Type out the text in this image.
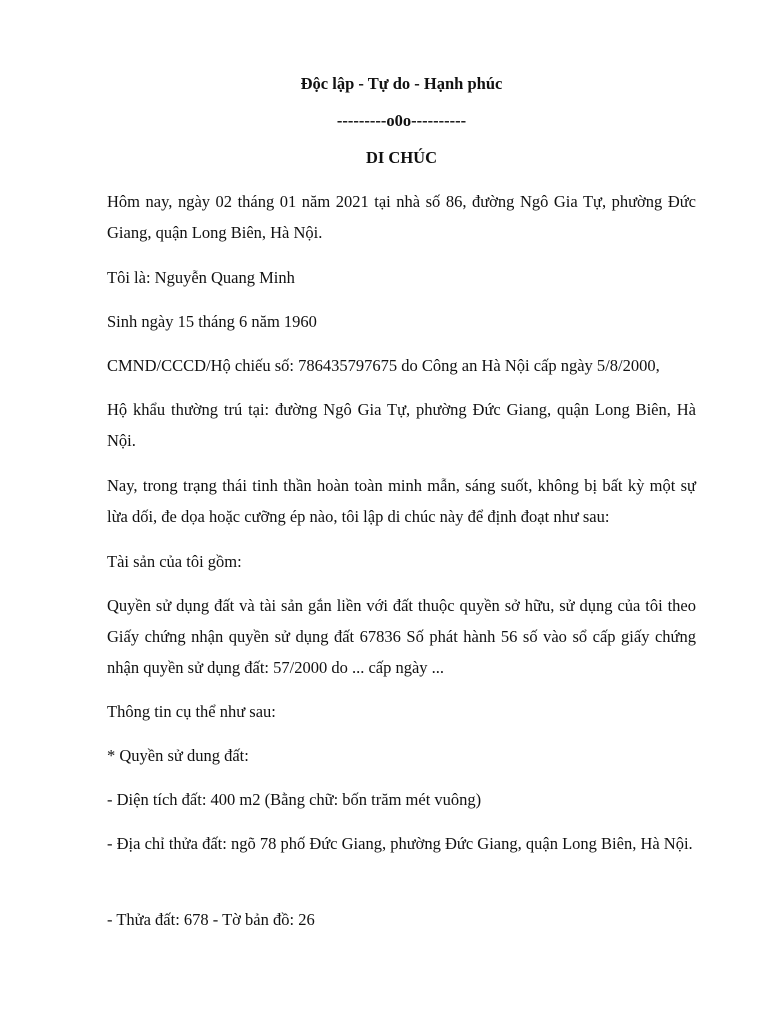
Độc lập - Tự do - Hạnh phúc

---------o0o----------

DI CHÚC

Hôm nay, ngày 02 tháng 01 năm 2021 tại nhà số 86, đường Ngô Gia Tự, phường Đức Giang, quận Long Biên, Hà Nội.

Tôi là: Nguyễn Quang Minh

Sinh ngày 15 tháng 6 năm 1960

CMND/CCCD/Hộ chiếu số: 786435797675 do Công an Hà Nội cấp ngày 5/8/2000,

Hộ khẩu thường trú tại: đường Ngô Gia Tự, phường Đức Giang, quận Long Biên, Hà Nội.

Nay, trong trạng thái tinh thần hoàn toàn minh mẫn, sáng suốt, không bị bất kỳ một sự lừa dối, đe dọa hoặc cưỡng ép nào, tôi lập di chúc này để định đoạt như sau:

Tài sản của tôi gồm:

Quyền sử dụng đất và tài sản gắn liền với đất thuộc quyền sở hữu, sử dụng của tôi theo Giấy chứng nhận quyền sử dụng đất 67836 Số phát hành 56 số vào sổ cấp giấy chứng nhận quyền sử dụng đất: 57/2000 do ... cấp ngày ...

Thông tin cụ thể như sau:

* Quyền sử dung đất:

- Diện tích đất: 400 m2 (Bằng chữ: bốn trăm mét vuông)

- Địa chỉ thửa đất: ngõ 78 phố Đức Giang, phường Đức Giang, quận Long Biên, Hà Nội.

- Thửa đất: 678 - Tờ bản đồ: 26
